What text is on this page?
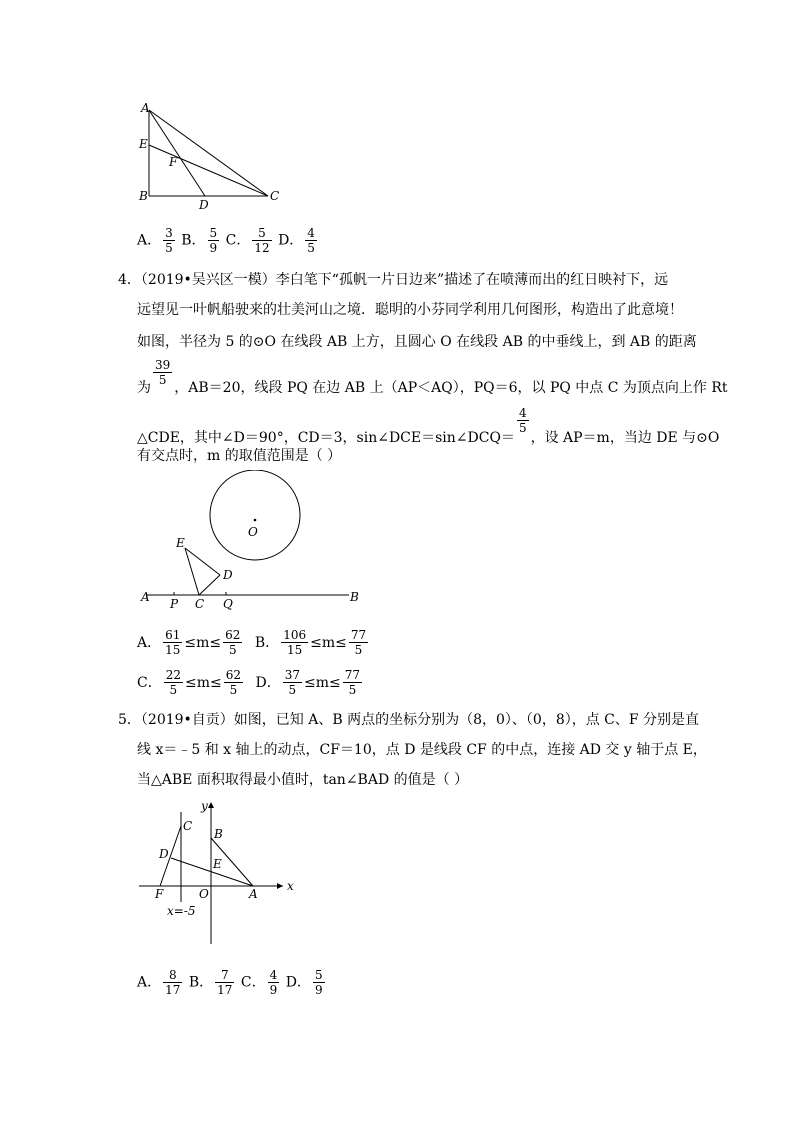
A
E
F
B
D
C
A． $\frac{3}{5}$ B． $\frac{5}{9}$ C． $\frac{5}{12}$ D． $\frac{4}{5}$
4．（2019•吴兴区一模）李白笔下“孤帆一片日边来”描述了在喷薄而出的红日映衬下，远
远望见一叶帆船驶来的壮美河山之境．聪明的小芬同学利用几何图形，构造出了此意境！
如图，半径为 5 的⊙O 在线段 AB 上方，且圆心 O 在线段 AB 的中垂线上，到 AB 的距离
为
$\frac{39}{5}$
，AB＝20，线段 PQ 在边 AB 上（AP＜AQ），PQ＝6，以 PQ 中点 C 为顶点向上作 Rt
△CDE，其中∠D＝90°，CD＝3，sin∠DCE＝sin∠DCQ＝
$\frac{4}{5}$
，设 AP＝m，当边 DE 与⊙O
有交点时，m 的取值范围是（ ）
E
O
D
A P C Q	B
A． $\frac{61}{15} \le m\le \frac{62}{5}$ B． $\frac{106}{15} \le m\le \frac{77}{5}$
C． $\frac{22}{5} \le m\le \frac{62}{5}$ D． $\frac{37}{5} \le m\le \frac{77}{5}$
5．（2019•自贡）如图，已知 A、B 两点的坐标分别为（8，0）、（0，8），点 C、F 分别是直
线 x＝﹣5 和 x 轴上的动点，CF＝10，点 D 是线段 CF 的中点，连接 AD 交 y 轴于点 E，
当△ABE 面积取得最小值时，tan∠BAD 的值是（ ）
y
C
B
D
E
F	O	A
x
x=-5
A． $\frac{8}{17}$ B． $\frac{7}{17}$ C． $\frac{4}{9}$ D． $\frac{5}{9}$
